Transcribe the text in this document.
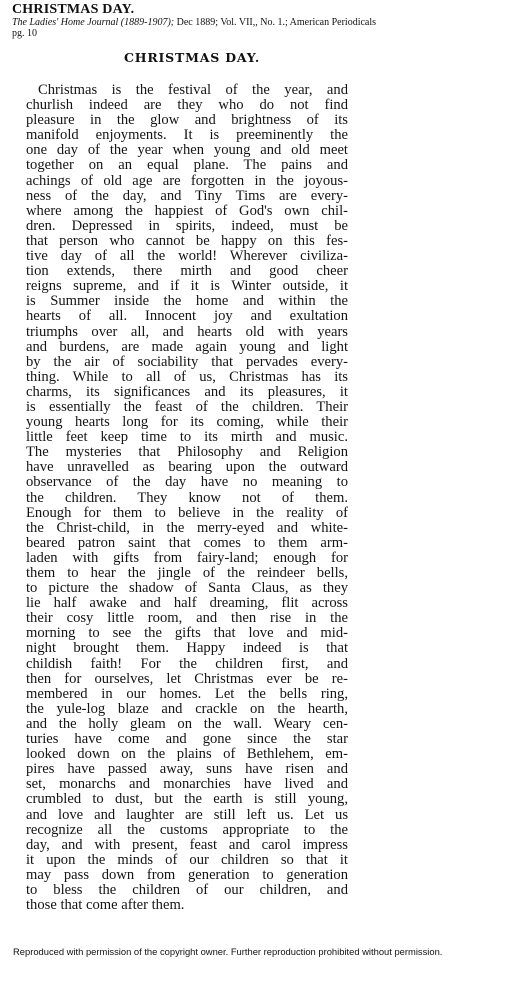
CHRISTMAS DAY.
The Ladies' Home Journal (1889-1907); Dec 1889; Vol. VII,, No. 1.; American Periodicals
pg. 10
CHRISTMAS DAY.
Christmas is the festival of the year, and
churlish indeed are they who do not find
pleasure in the glow and brightness of its
manifold enjoyments. It is preeminently the
one day of the year when young and old meet
together on an equal plane. The pains and
achings of old age are forgotten in the joyous-
ness of the day, and Tiny Tims are every-
where among the happiest of God's own chil-
dren. Depressed in spirits, indeed, must be
that person who cannot be happy on this fes-
tive day of all the world! Wherever civiliza-
tion extends, there mirth and good cheer
reigns supreme, and if it is Winter outside, it
is Summer inside the home and within the
hearts of all. Innocent joy and exultation
triumphs over all, and hearts old with years
and burdens, are made again young and light
by the air of sociability that pervades every-
thing. While to all of us, Christmas has its
charms, its significances and its pleasures, it
is essentially the feast of the children. Their
young hearts long for its coming, while their
little feet keep time to its mirth and music.
The mysteries that Philosophy and Religion
have unravelled as bearing upon the outward
observance of the day have no meaning to
the children. They know not of them.
Enough for them to believe in the reality of
the Christ-child, in the merry-eyed and white-
beared patron saint that comes to them arm-
laden with gifts from fairy-land; enough for
them to hear the jingle of the reindeer bells,
to picture the shadow of Santa Claus, as they
lie half awake and half dreaming, flit across
their cosy little room, and then rise in the
morning to see the gifts that love and mid-
night brought them. Happy indeed is that
childish faith! For the children first, and
then for ourselves, let Christmas ever be re-
membered in our homes. Let the bells ring,
the yule-log blaze and crackle on the hearth,
and the holly gleam on the wall. Weary cen-
turies have come and gone since the star
looked down on the plains of Bethlehem, em-
pires have passed away, suns have risen and
set, monarchs and monarchies have lived and
crumbled to dust, but the earth is still young,
and love and laughter are still left us. Let us
recognize all the customs appropriate to the
day, and with present, feast and carol impress
it upon the minds of our children so that it
may pass down from generation to generation
to bless the children of our children, and
those that come after them.
Reproduced with permission of the copyright owner. Further reproduction prohibited without permission.
